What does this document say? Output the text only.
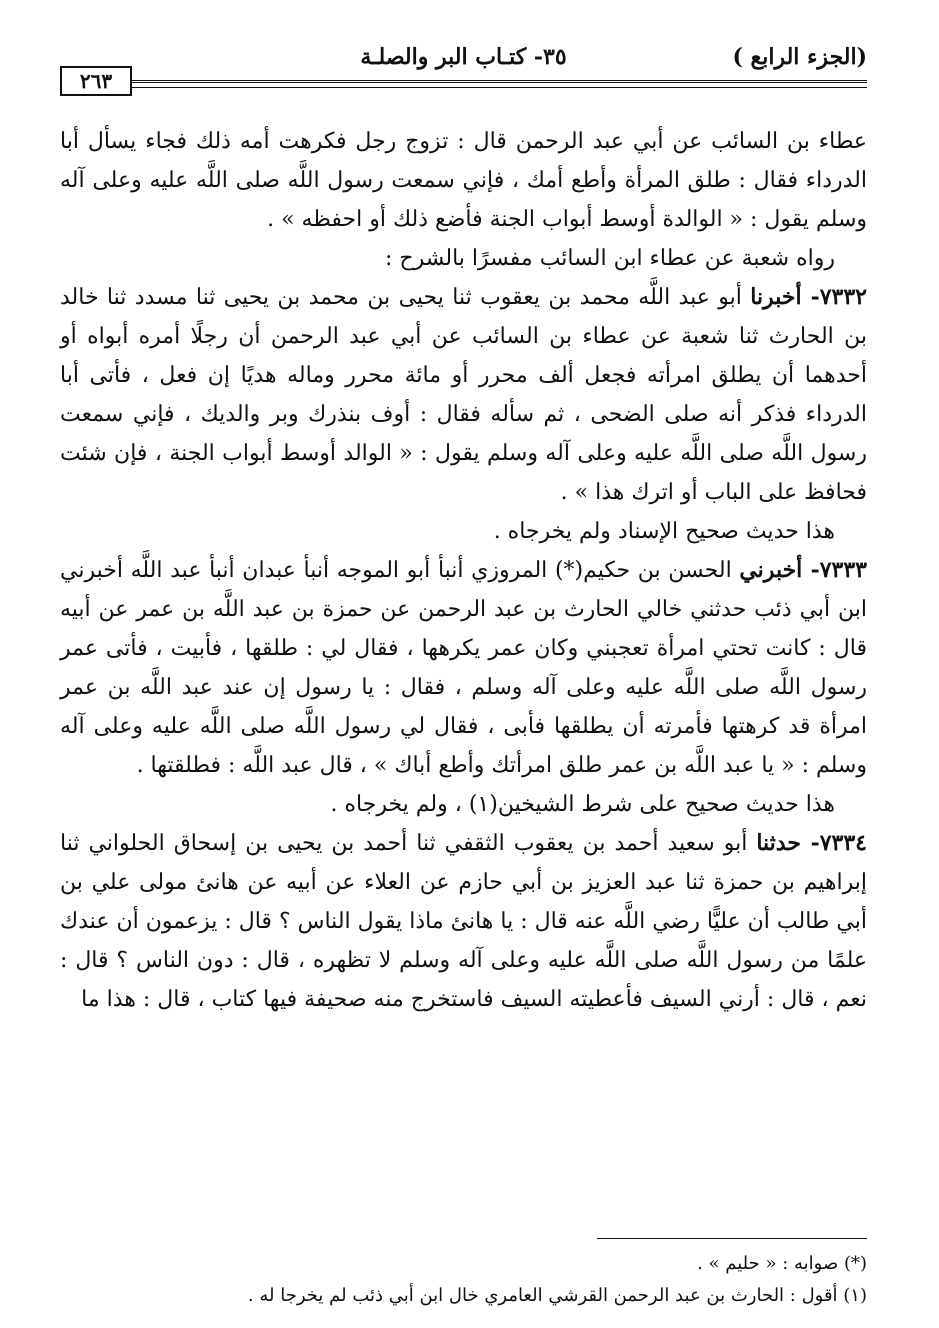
(الجزء الرابع )
٣٥- كتـاب البر والصلـة
٢٦٣

عطاء بن السائب عن أبي عبد الرحمن قال : تزوج رجل فكرهت أمه ذلك فجاء يسأل أبا الدرداء فقال : طلق المرأة وأطع أمك ، فإني سمعت رسول اللَّه صلى اللَّه عليه وعلى آله وسلم يقول : « الوالدة أوسط أبواب الجنة فأضع ذلك أو احفظه » .

رواه شعبة عن عطاء ابن السائب مفسرًا بالشرح :

٧٣٣٢- أخبرنا أبو عبد اللَّه محمد بن يعقوب ثنا يحيى بن محمد بن يحيى ثنا مسدد ثنا خالد بن الحارث ثنا شعبة عن عطاء بن السائب عن أبي عبد الرحمن أن رجلًا أمره أبواه أو أحدهما أن يطلق امرأته فجعل ألف محرر أو مائة محرر وماله هديًا إن فعل ، فأتى أبا الدرداء فذكر أنه صلى الضحى ، ثم سأله فقال : أوف بنذرك وبر والديك ، فإني سمعت رسول اللَّه صلى اللَّه عليه وعلى آله وسلم يقول : « الوالد أوسط أبواب الجنة ، فإن شئت فحافظ على الباب أو اترك هذا » .

هذا حديث صحيح الإسناد ولم يخرجاه .

٧٣٣٣- أخبرني الحسن بن حكيم(*) المروزي أنبأ أبو الموجه أنبأ عبدان أنبأ عبد اللَّه أخبرني ابن أبي ذئب حدثني خالي الحارث بن عبد الرحمن عن حمزة بن عبد اللَّه بن عمر عن أبيه قال : كانت تحتي امرأة تعجبني وكان عمر يكرهها ، فقال لي : طلقها ، فأبيت ، فأتى عمر رسول اللَّه صلى اللَّه عليه وعلى آله وسلم ، فقال : يا رسول إن عند عبد اللَّه بن عمر امرأة قد كرهتها فأمرته أن يطلقها فأبى ، فقال لي رسول اللَّه صلى اللَّه عليه وعلى آله وسلم : « يا عبد اللَّه بن عمر طلق امرأتك وأطع أباك » ، قال عبد اللَّه : فطلقتها .

هذا حديث صحيح على شرط الشيخين(١) ، ولم يخرجاه .

٧٣٣٤- حدثنا أبو سعيد أحمد بن يعقوب الثقفي ثنا أحمد بن يحيى بن إسحاق الحلواني ثنا إبراهيم بن حمزة ثنا عبد العزيز بن أبي حازم عن العلاء عن أبيه عن هانئ مولى علي بن أبي طالب أن عليًّا رضي اللَّه عنه قال : يا هانئ ماذا يقول الناس ؟ قال : يزعمون أن عندك علمًا من رسول اللَّه صلى اللَّه عليه وعلى آله وسلم لا تظهره ، قال : دون الناس ؟ قال : نعم ، قال : أرني السيف فأعطيته السيف فاستخرج منه صحيفة فيها كتاب ، قال : هذا ما

(*) صوابه : « حليم » .

(١) أقول : الحارث بن عبد الرحمن القرشي العامري خال ابن أبي ذئب لم يخرجا له .
